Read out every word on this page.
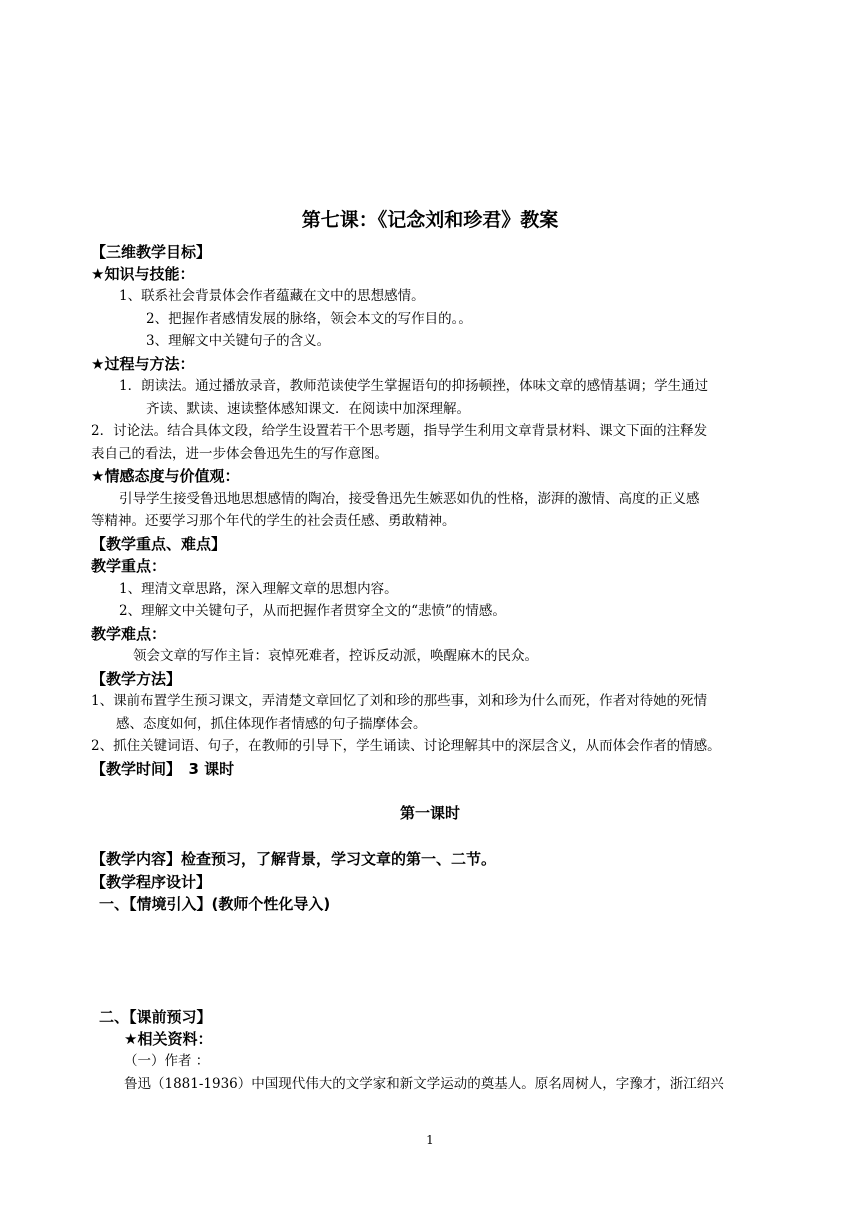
第七课：《记念刘和珍君》教案
【三维教学目标】
★知识与技能：
1、联系社会背景体会作者蕴藏在文中的思想感情。
2、把握作者感情发展的脉络，领会本文的写作目的。。
3、理解文中关键句子的含义。
★过程与方法：
1．朗读法。通过播放录音，教师范读使学生掌握语句的抑扬顿挫，体味文章的感情基调；学生通过
齐读、默读、速读整体感知课文．在阅读中加深理解。
2．讨论法。结合具体文段，给学生设置若干个思考题，指导学生利用文章背景材料、课文下面的注释发
表自己的看法，进一步体会鲁迅先生的写作意图。
★情感态度与价值观：
引导学生接受鲁迅地思想感情的陶冶，接受鲁迅先生嫉恶如仇的性格，澎湃的激情、高度的正义感
等精神。还要学习那个年代的学生的社会责任感、勇敢精神。
【教学重点、难点】
教学重点：
1、理清文章思路，深入理解文章的思想内容。
2、理解文中关键句子，从而把握作者贯穿全文的“悲愤”的情感。
教学难点：
领会文章的写作主旨：哀悼死难者，控诉反动派，唤醒麻木的民众。
【教学方法】
1、课前布置学生预习课文，弄清楚文章回忆了刘和珍的那些事，刘和珍为什么而死，作者对待她的死情
感、态度如何，抓住体现作者情感的句子揣摩体会。
2、抓住关键词语、句子，在教师的引导下，学生诵读、讨论理解其中的深层含义，从而体会作者的情感。
【教学时间】　3 课时
第一课时
【教学内容】检查预习，了解背景，学习文章的第一、二节。
【教学程序设计】
一、【情境引入】(教师个性化导入)
二、【课前预习】
★相关资料：
（一）作者 ：
鲁迅（1881-1936）中国现代伟大的文学家和新文学运动的奠基人。原名周树人，字豫才，浙江绍兴
1
